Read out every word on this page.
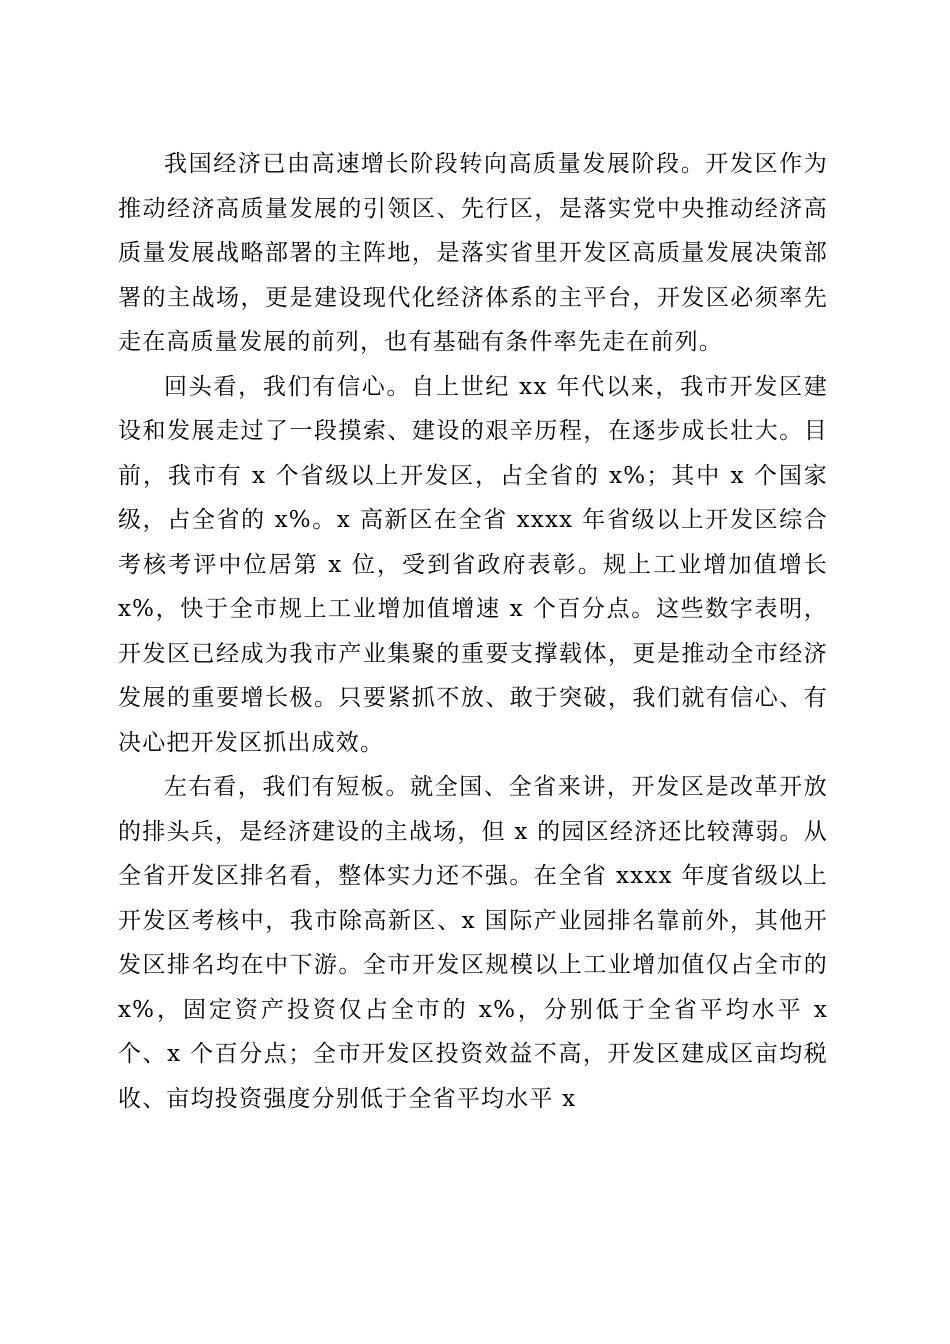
我国经济已由高速增长阶段转向高质量发展阶段。开发区作为推动经济高质量发展的引领区、先行区，是落实党中央推动经济高质量发展战略部署的主阵地，是落实省里开发区高质量发展决策部署的主战场，更是建设现代化经济体系的主平台，开发区必须率先走在高质量发展的前列，也有基础有条件率先走在前列。

回头看，我们有信心。自上世纪 xx 年代以来，我市开发区建设和发展走过了一段摸索、建设的艰辛历程，在逐步成长壮大。目前，我市有 x 个省级以上开发区，占全省的 x%；其中 x 个国家级，占全省的 x%。x 高新区在全省 xxxx 年省级以上开发区综合考核考评中位居第 x 位，受到省政府表彰。规上工业增加值增长 x%，快于全市规上工业增加值增速 x 个百分点。这些数字表明，开发区已经成为我市产业集聚的重要支撑载体，更是推动全市经济发展的重要增长极。只要紧抓不放、敢于突破，我们就有信心、有决心把开发区抓出成效。

左右看，我们有短板。就全国、全省来讲，开发区是改革开放的排头兵，是经济建设的主战场，但 x 的园区经济还比较薄弱。从全省开发区排名看，整体实力还不强。在全省 xxxx 年度省级以上开发区考核中，我市除高新区、x 国际产业园排名靠前外，其他开发区排名均在中下游。全市开发区规模以上工业增加值仅占全市的 x%，固定资产投资仅占全市的 x%，分别低于全省平均水平 x 个、x 个百分点；全市开发区投资效益不高，开发区建成区亩均税收、亩均投资强度分别低于全省平均水平 x
